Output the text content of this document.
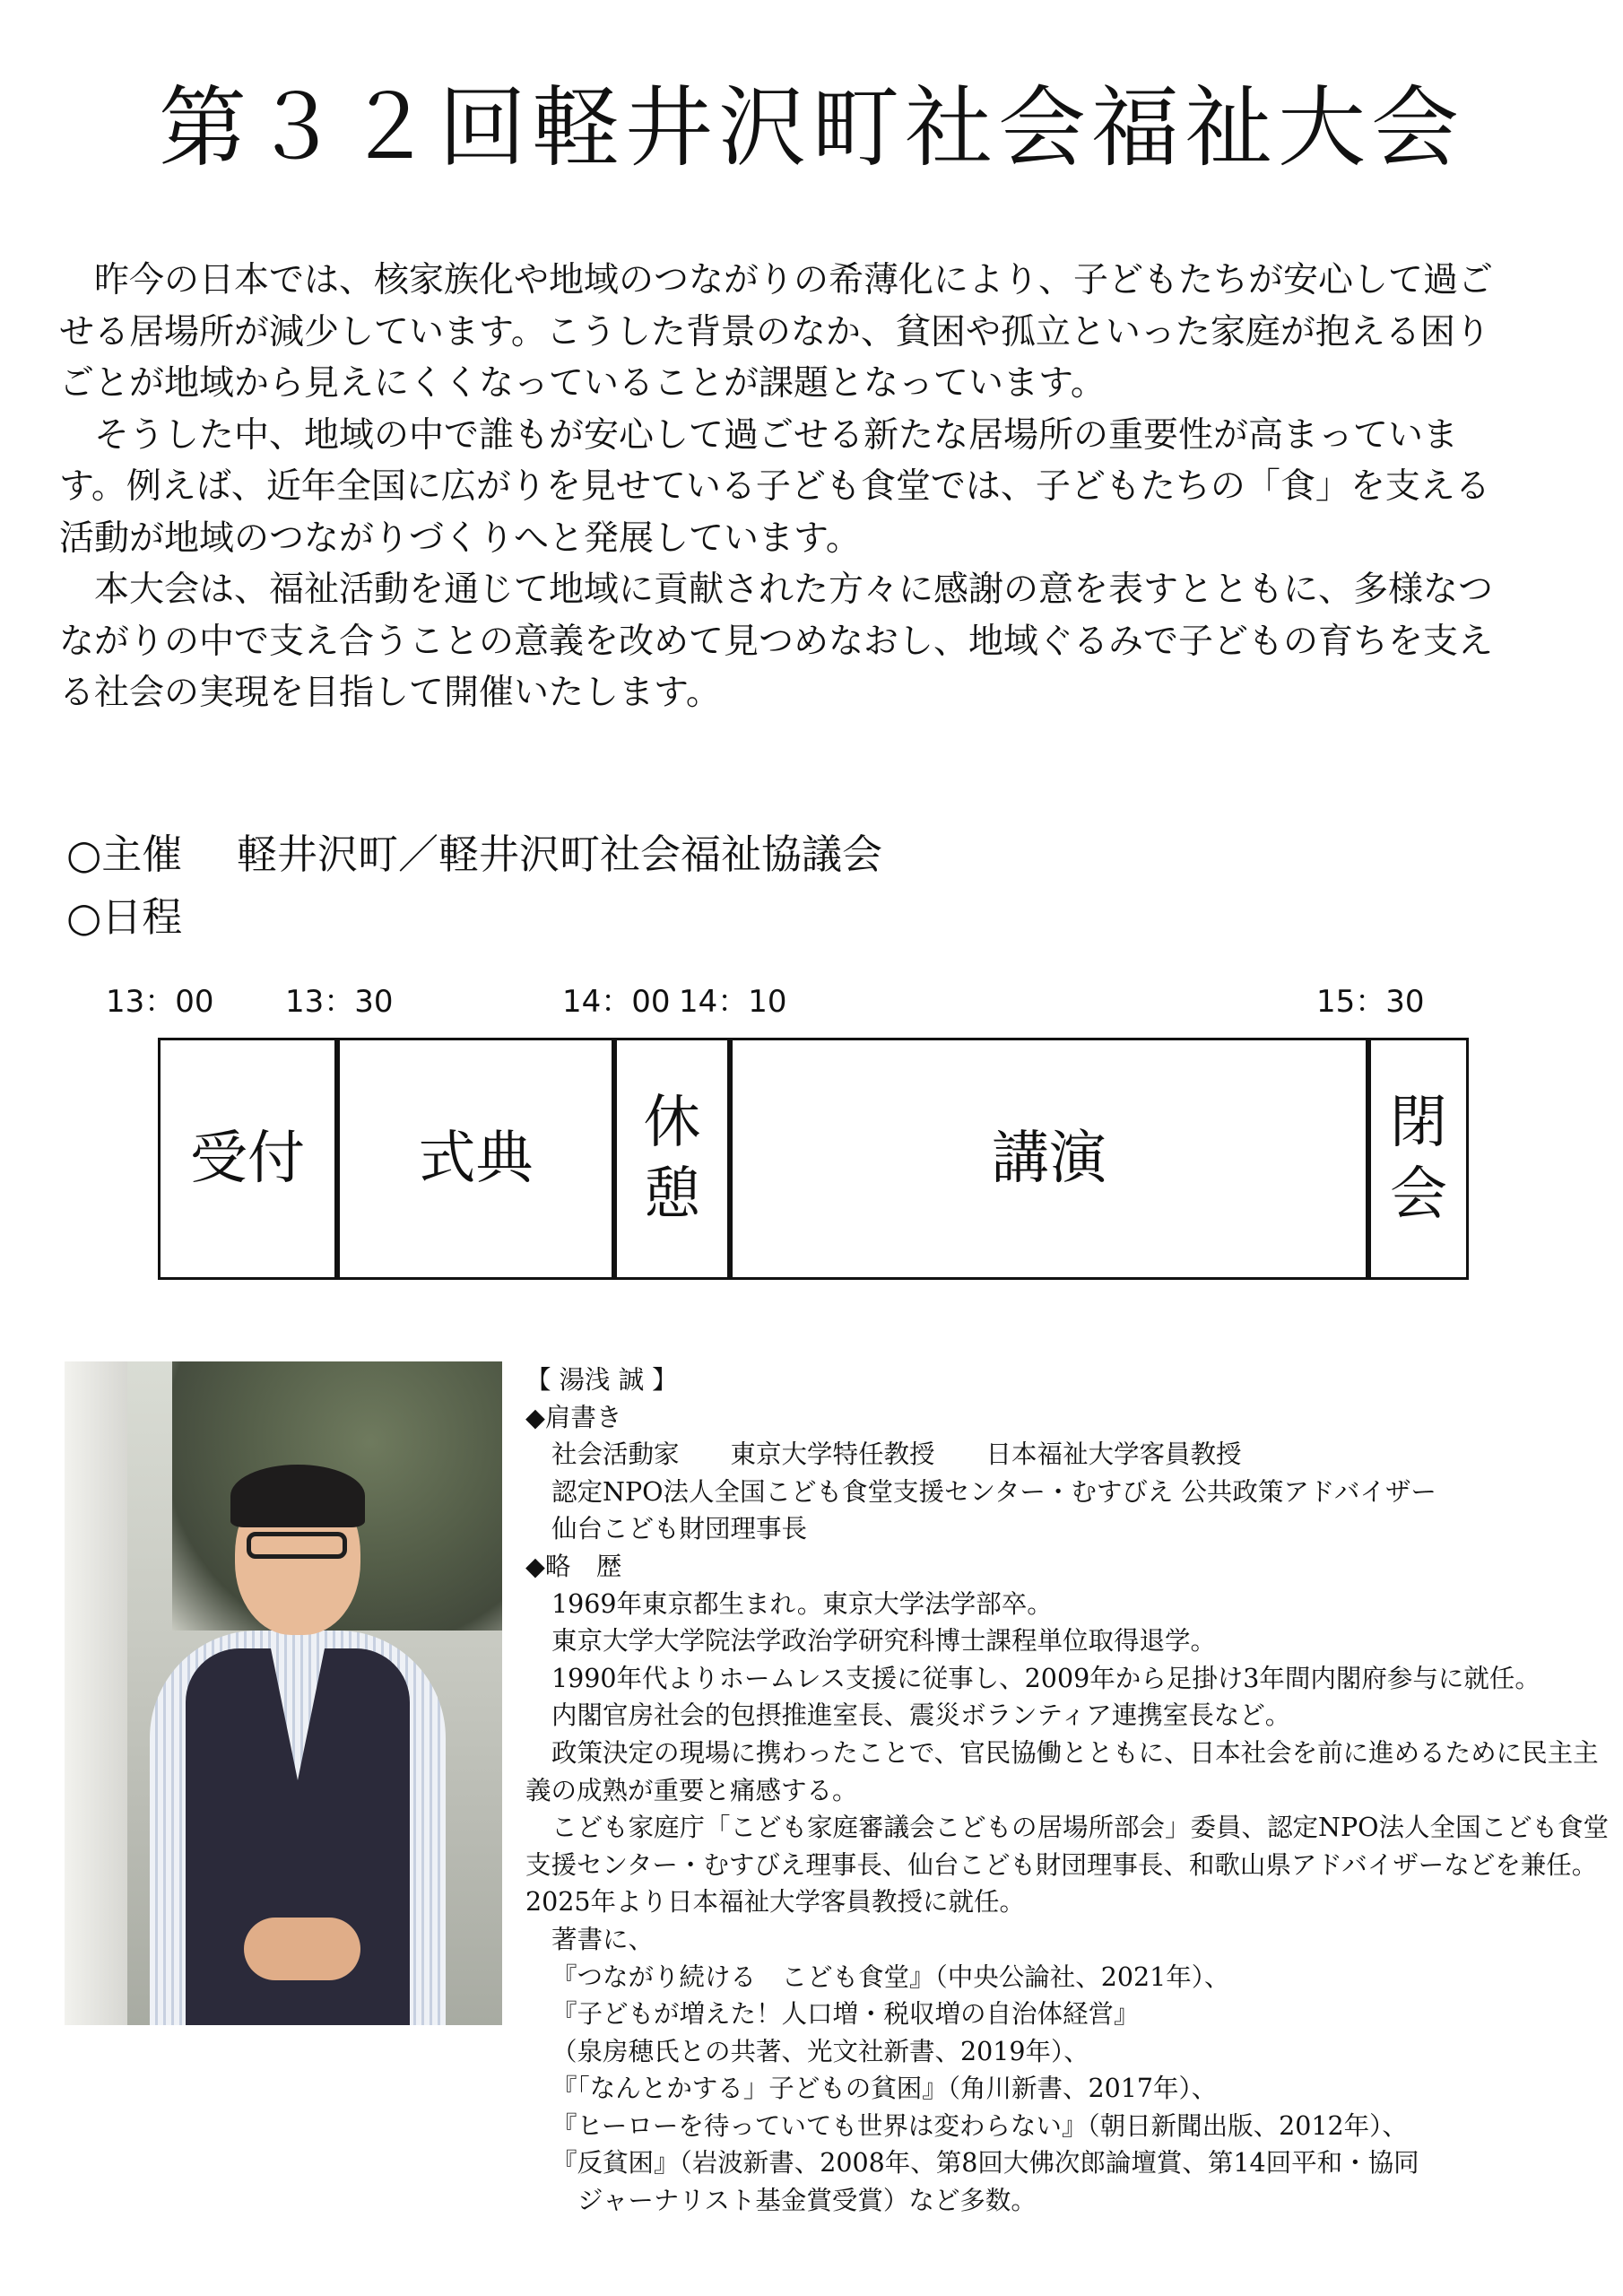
第３２回軽井沢町社会福祉大会

昨今の日本では、核家族化や地域のつながりの希薄化により、子どもたちが安心して過ごせる居場所が減少しています。こうした背景のなか、貧困や孤立といった家庭が抱える困りごとが地域から見えにくくなっていることが課題となっています。

そうした中、地域の中で誰もが安心して過ごせる新たな居場所の重要性が高まっています。例えば、近年全国に広がりを見せている子ども食堂では、子どもたちの「食」を支える活動が地域のつながりづくりへと発展しています。

本大会は、福祉活動を通じて地域に貢献された方々に感謝の意を表すとともに、多様なつながりの中で支え合うことの意義を改めて見つめなおし、地域ぐるみで子どもの育ちを支える社会の実現を目指して開催いたします。

○主催 軽井沢町／軽井沢町社会福祉協議会
○日程
13：00 13：30	14：00 14：10	15：30
受付 式典
休憩
講演
閉会
【 湯浅 誠 】
◆肩書き
社会活動家　　東京大学特任教授　　日本福祉大学客員教授
認定NPO法人全国こども食堂支援センター・むすびえ 公共政策アドバイザー
仙台こども財団理事長
◆略　歴
1969年東京都生まれ。東京大学法学部卒。
東京大学大学院法学政治学研究科博士課程単位取得退学。
1990年代よりホームレス支援に従事し、2009年から足掛け3年間内閣府参与に就任。
内閣官房社会的包摂推進室長、震災ボランティア連携室長など。
政策決定の現場に携わったことで、官民協働とともに、日本社会を前に進めるために民主主義の成熟が重要と痛感する。
こども家庭庁「こども家庭審議会こどもの居場所部会」委員、認定NPO法人全国こども食堂支援センター・むすびえ理事長、仙台こども財団理事長、和歌山県アドバイザーなどを兼任。2025年より日本福祉大学客員教授に就任。
著書に、
『つながり続ける　こども食堂』（中央公論社、2021年）、
『子どもが増えた！人口増・税収増の自治体経営』
（泉房穂氏との共著、光文社新書、2019年）、
『「なんとかする」子どもの貧困』（角川新書、2017年）、
『ヒーローを待っていても世界は変わらない』（朝日新聞出版、2012年）、
『反貧困』（岩波新書、2008年、第8回大佛次郎論壇賞、第14回平和・協同
ジャーナリスト基金賞受賞）など多数。
